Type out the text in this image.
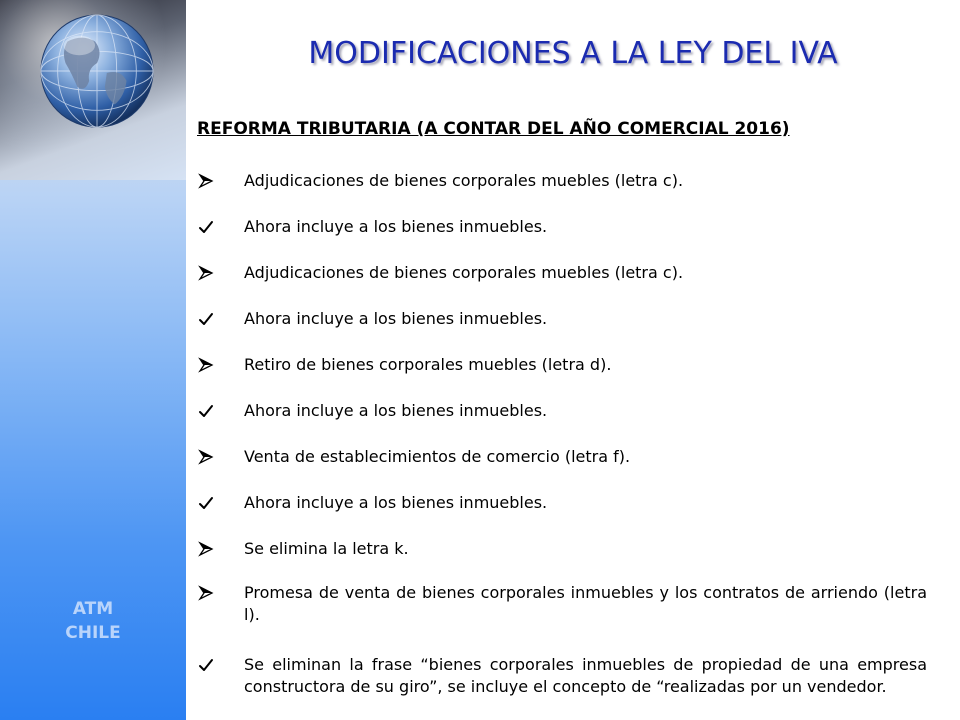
ATM
CHILE
MODIFICACIONES A LA LEY DEL IVA
REFORMA TRIBUTARIA (A CONTAR DEL AÑO COMERCIAL 2016)
Adjudicaciones de bienes corporales muebles (letra c).
Ahora incluye a los bienes inmuebles.
Adjudicaciones de bienes corporales muebles (letra c).
Ahora incluye a los bienes inmuebles.
Retiro de bienes corporales muebles (letra d).
Ahora incluye a los bienes inmuebles.
Venta de establecimientos de comercio (letra f).
Ahora incluye a los bienes inmuebles.
Se elimina la letra k.
Promesa de venta de bienes corporales inmuebles y los contratos de arriendo (letra l).
Se eliminan la frase “bienes corporales inmuebles de propiedad de una empresa constructora de su giro”, se incluye el concepto de “realizadas por un vendedor.
